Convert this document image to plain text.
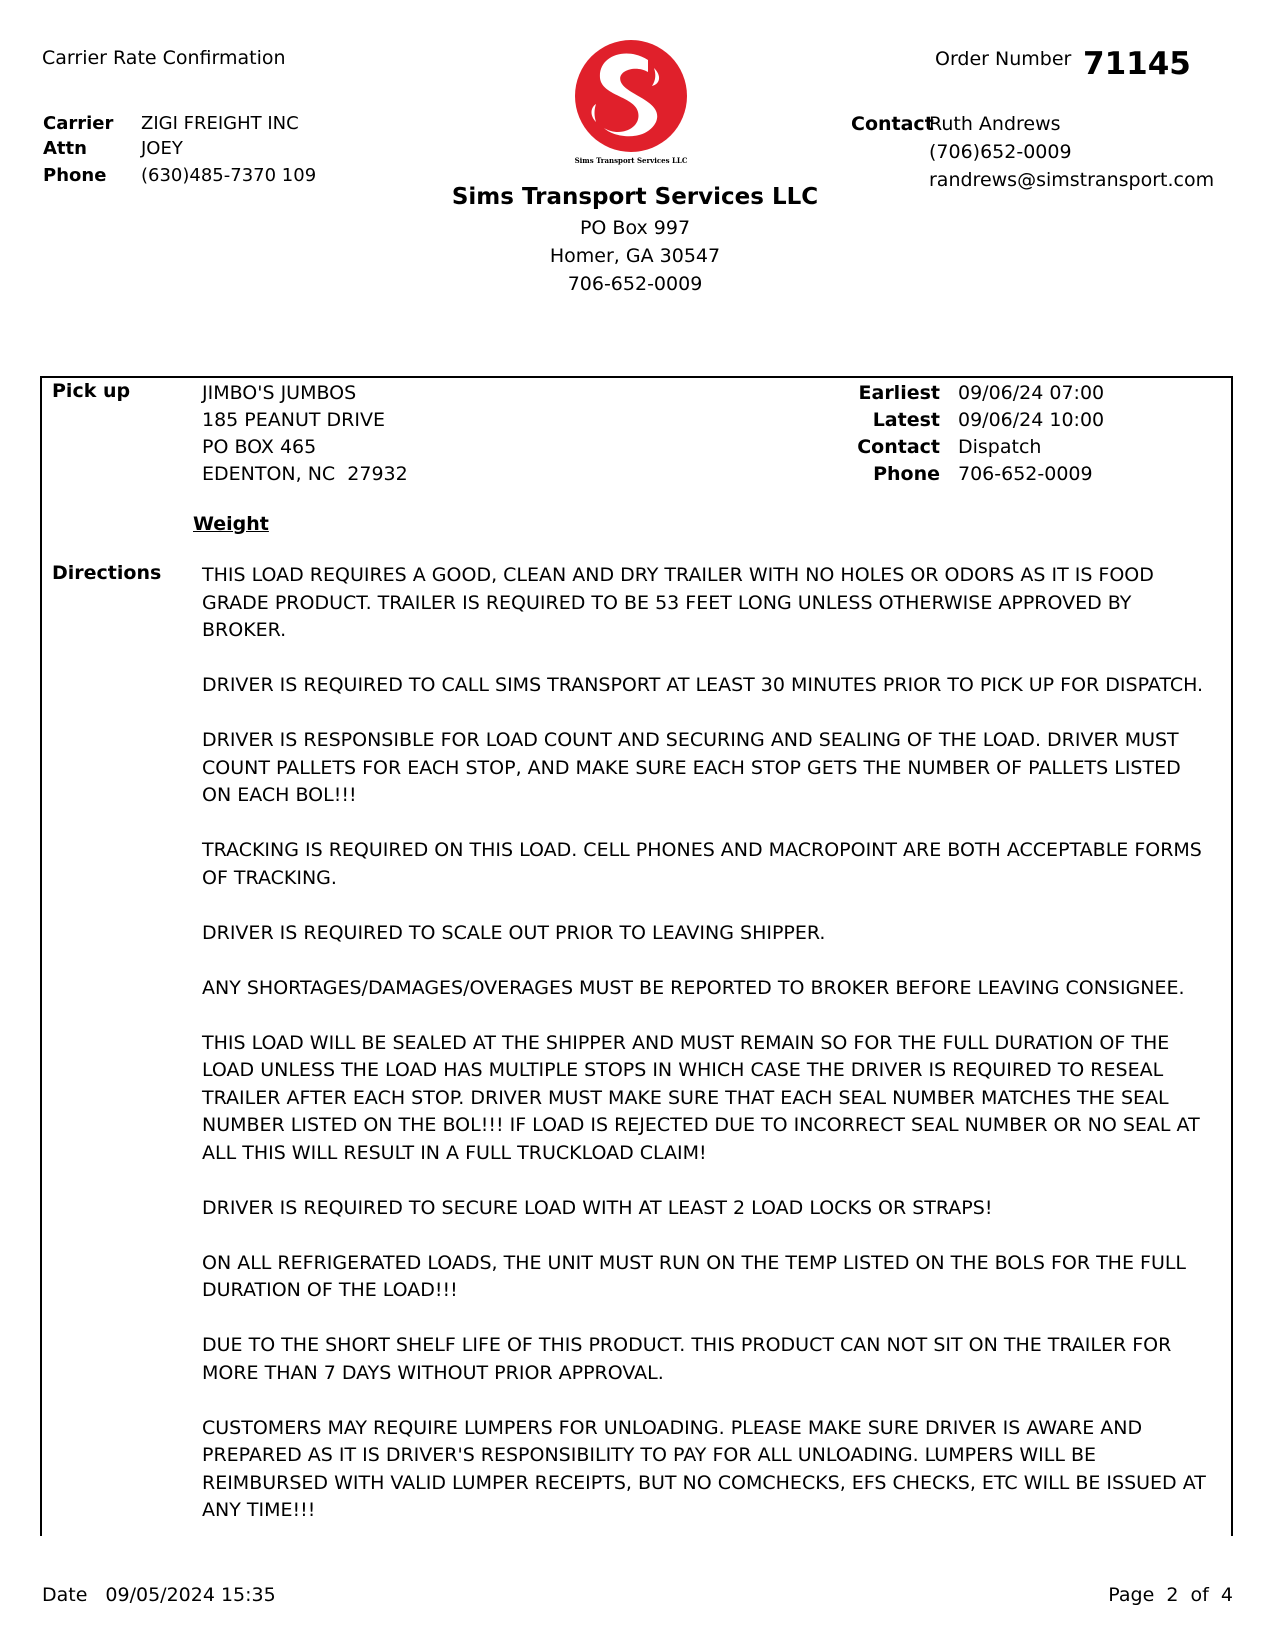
Carrier Rate Confirmation	Order Number 71145
Carrier ZIGI FREIGHT INC
Attn	JOEY
Phone (630)485-7370 109
Sims Transport Services LLC
Sims Transport Services LLC
PO Box 997
Homer, GA 30547
706-652-0009
Contact
Ruth Andrews
(706)652-0009
randrews@simstransport.com
Pick up	JIMBO'S JUMBOS
185 PEANUT DRIVE
PO BOX 465
EDENTON, NC  27932
Earliest 09/06/24 07:00
Latest 09/06/24 10:00
Contact Dispatch
Phone 706-652-0009
Weight
Directions THIS LOAD REQUIRES A GOOD, CLEAN AND DRY TRAILER WITH NO HOLES OR ODORS AS IT IS FOOD GRADE PRODUCT. TRAILER IS REQUIRED TO BE 53 FEET LONG UNLESS OTHERWISE APPROVED BY BROKER.

DRIVER IS REQUIRED TO CALL SIMS TRANSPORT AT LEAST 30 MINUTES PRIOR TO PICK UP FOR DISPATCH.

DRIVER IS RESPONSIBLE FOR LOAD COUNT AND SECURING AND SEALING OF THE LOAD. DRIVER MUST COUNT PALLETS FOR EACH STOP, AND MAKE SURE EACH STOP GETS THE NUMBER OF PALLETS LISTED ON EACH BOL!!!

TRACKING IS REQUIRED ON THIS LOAD. CELL PHONES AND MACROPOINT ARE BOTH ACCEPTABLE FORMS OF TRACKING.

DRIVER IS REQUIRED TO SCALE OUT PRIOR TO LEAVING SHIPPER.

ANY SHORTAGES/DAMAGES/OVERAGES MUST BE REPORTED TO BROKER BEFORE LEAVING CONSIGNEE.

THIS LOAD WILL BE SEALED AT THE SHIPPER AND MUST REMAIN SO FOR THE FULL DURATION OF THE LOAD UNLESS THE LOAD HAS MULTIPLE STOPS IN WHICH CASE THE DRIVER IS REQUIRED TO RESEAL TRAILER AFTER EACH STOP. DRIVER MUST MAKE SURE THAT EACH SEAL NUMBER MATCHES THE SEAL NUMBER LISTED ON THE BOL!!! IF LOAD IS REJECTED DUE TO INCORRECT SEAL NUMBER OR NO SEAL AT ALL THIS WILL RESULT IN A FULL TRUCKLOAD CLAIM!

DRIVER IS REQUIRED TO SECURE LOAD WITH AT LEAST 2 LOAD LOCKS OR STRAPS!

ON ALL REFRIGERATED LOADS, THE UNIT MUST RUN ON THE TEMP LISTED ON THE BOLS FOR THE FULL DURATION OF THE LOAD!!!

DUE TO THE SHORT SHELF LIFE OF THIS PRODUCT. THIS PRODUCT CAN NOT SIT ON THE TRAILER FOR MORE THAN 7 DAYS WITHOUT PRIOR APPROVAL.

CUSTOMERS MAY REQUIRE LUMPERS FOR UNLOADING. PLEASE MAKE SURE DRIVER IS AWARE AND PREPARED AS IT IS DRIVER'S RESPONSIBILITY TO PAY FOR ALL UNLOADING. LUMPERS WILL BE REIMBURSED WITH VALID LUMPER RECEIPTS, BUT NO COMCHECKS, EFS CHECKS, ETC WILL BE ISSUED AT ANY TIME!!!

Date 09/05/2024 15:35	Page  2  of  4
